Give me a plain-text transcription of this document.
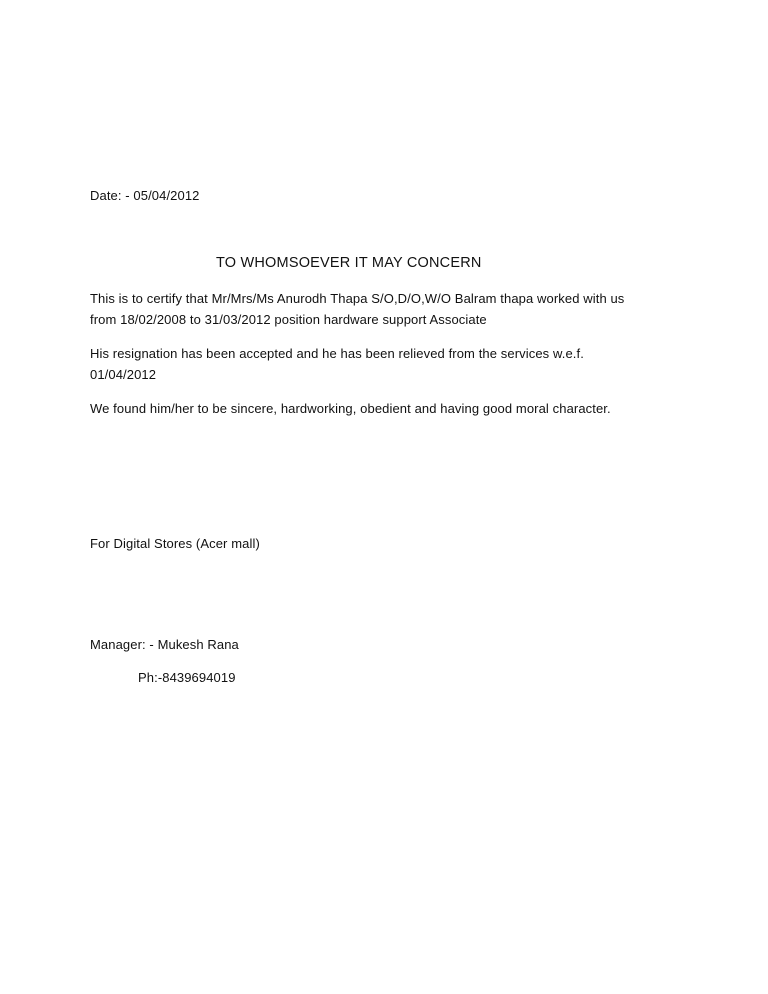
Date: - 05/04/2012
TO WHOMSOEVER IT MAY CONCERN
This is to certify that Mr/Mrs/Ms Anurodh Thapa S/O,D/O,W/O Balram thapa worked with us
from 18/02/2008 to 31/03/2012 position hardware support Associate
His resignation has been accepted and he has been relieved from the services w.e.f.
01/04/2012
We found him/her to be sincere, hardworking, obedient and having good moral character.
For Digital Stores (Acer mall)
Manager: - Mukesh Rana
Ph:-8439694019
